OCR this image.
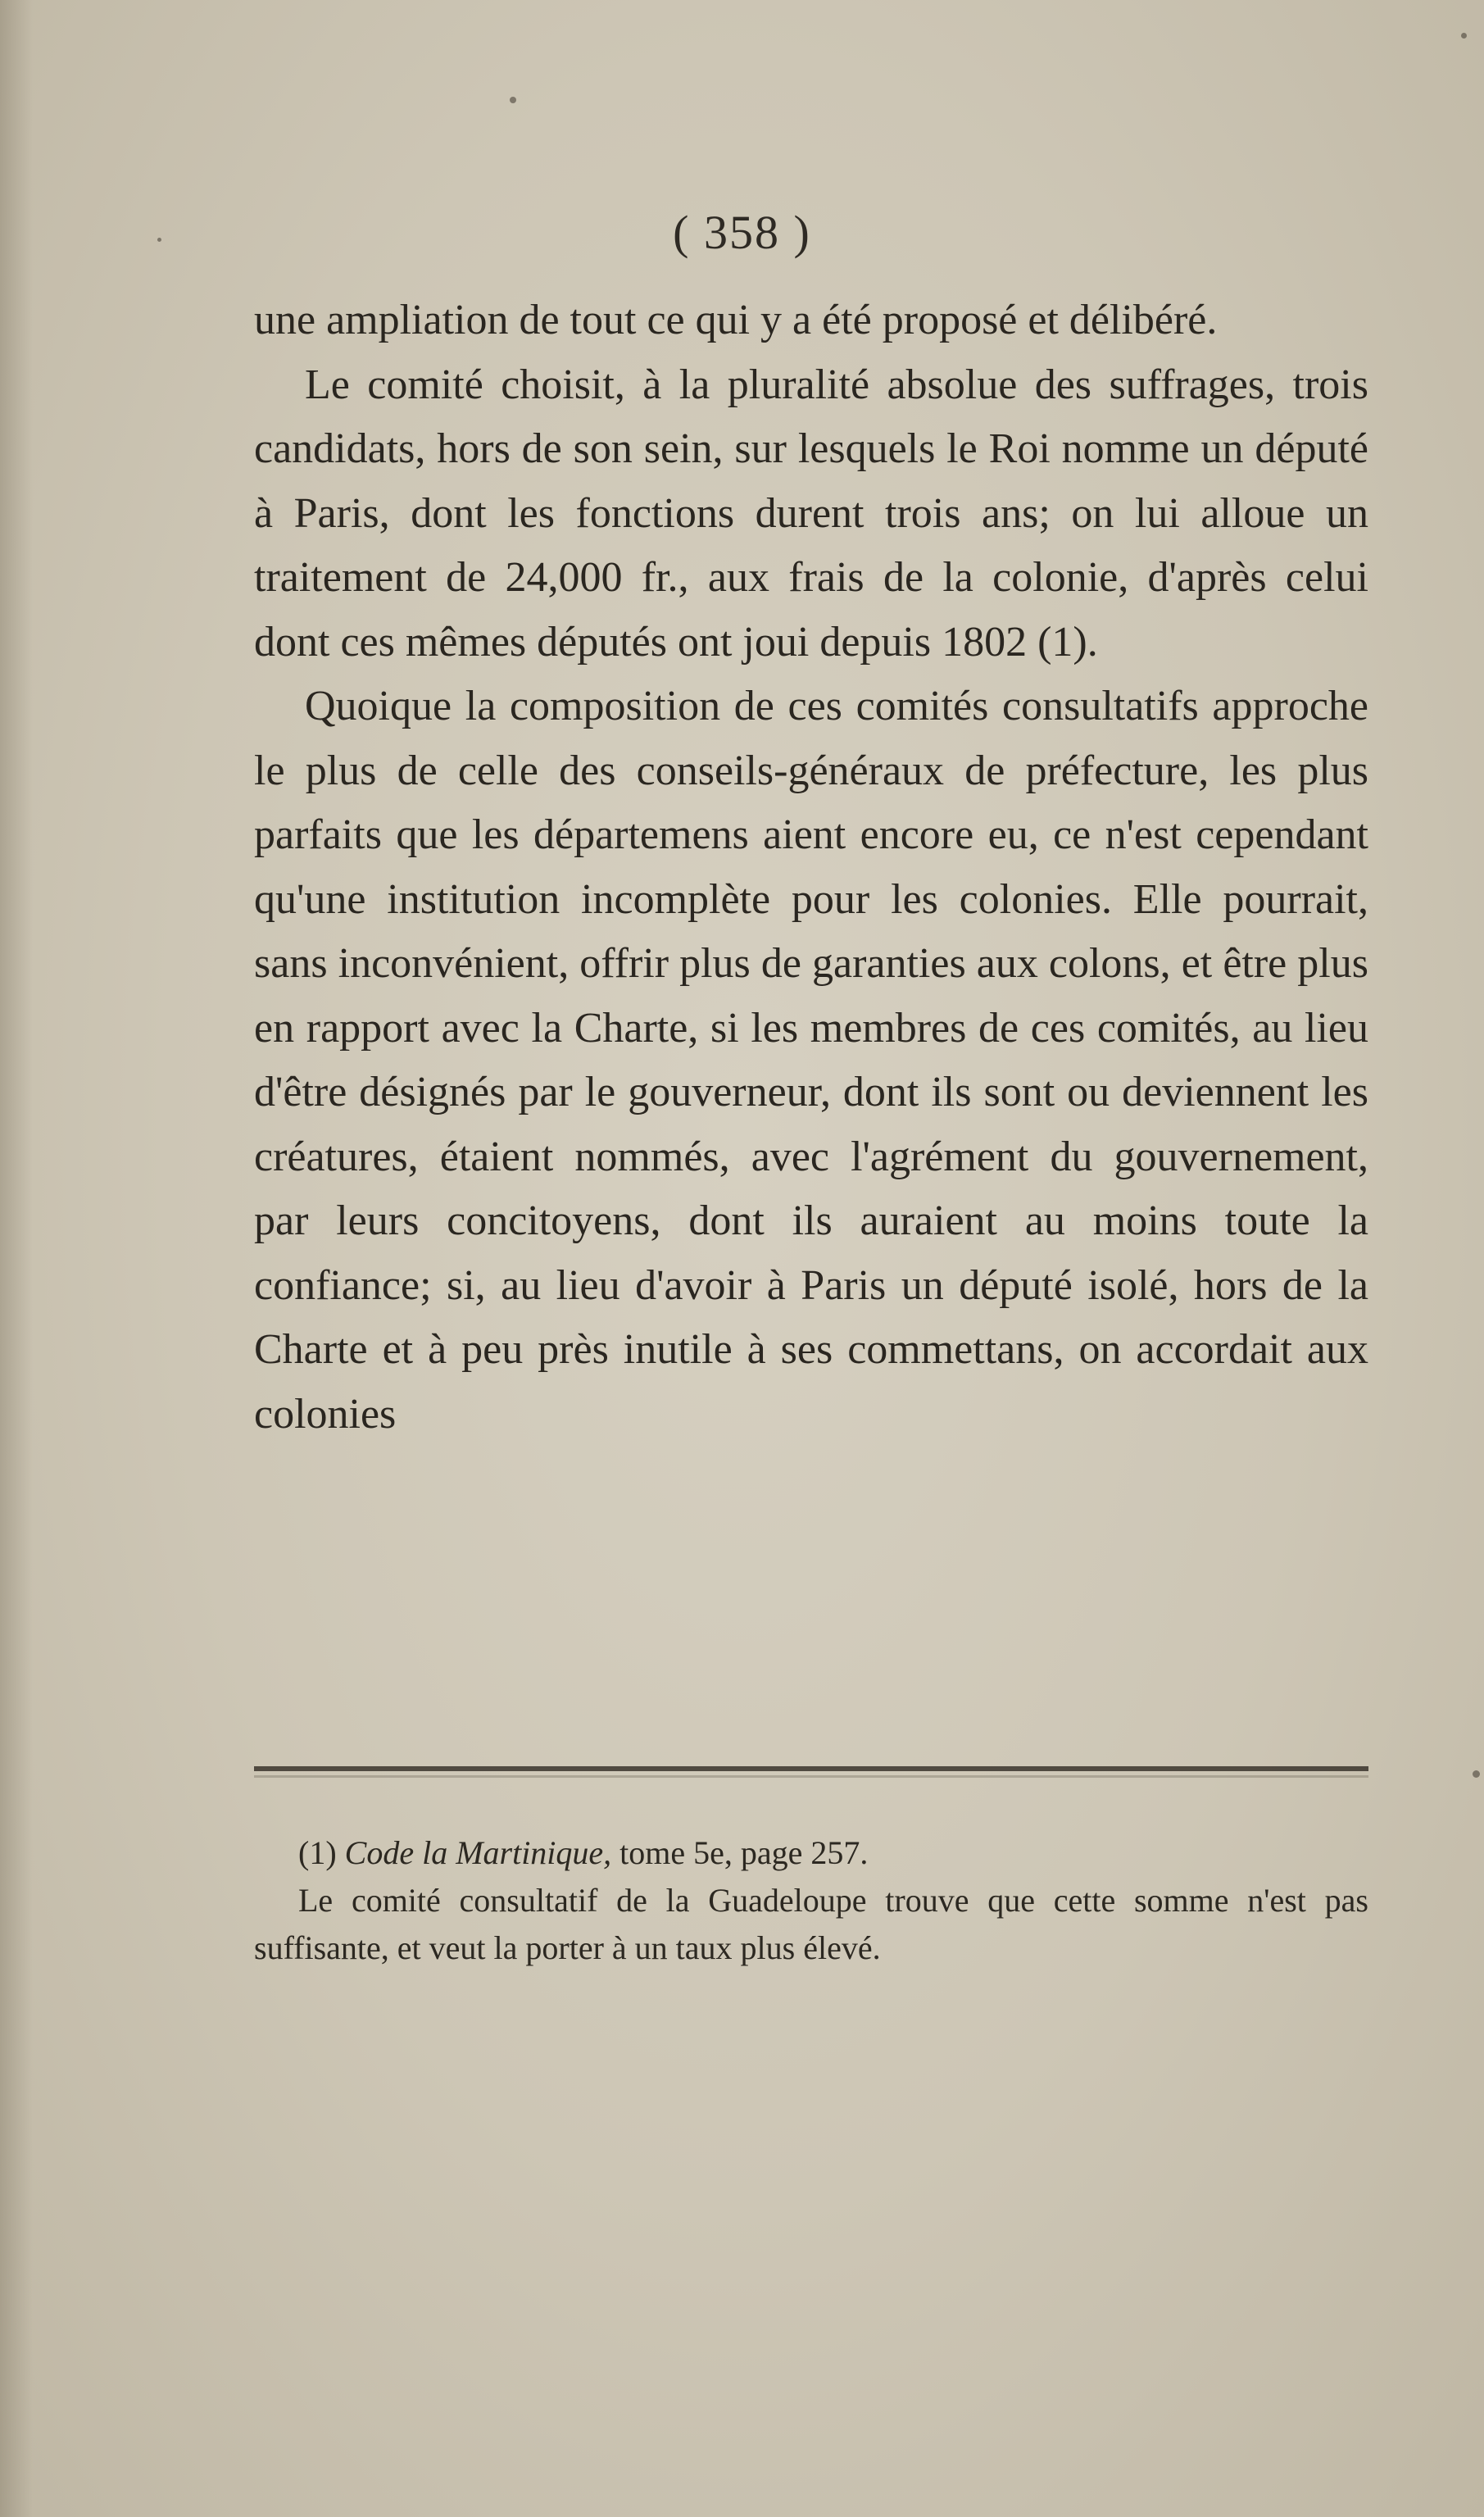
( 358 )

une ampliation de tout ce qui y a été proposé et délibéré.

Le comité choisit, à la pluralité absolue des suffrages, trois candidats, hors de son sein, sur lesquels le Roi nomme un député à Paris, dont les fonctions durent trois ans; on lui alloue un traitement de 24,000 fr., aux frais de la colonie, d'après celui dont ces mêmes députés ont joui depuis 1802 (1).

Quoique la composition de ces comités consultatifs approche le plus de celle des conseils-généraux de préfecture, les plus parfaits que les départemens aient encore eu, ce n'est cependant qu'une institution incomplète pour les colonies. Elle pourrait, sans inconvénient, offrir plus de garanties aux colons, et être plus en rapport avec la Charte, si les membres de ces comités, au lieu d'être désignés par le gouverneur, dont ils sont ou deviennent les créatures, étaient nommés, avec l'agrément du gouvernement, par leurs concitoyens, dont ils auraient au moins toute la confiance; si, au lieu d'avoir à Paris un député isolé, hors de la Charte et à peu près inutile à ses commettans, on accordait aux colonies

(1) Code la Martinique, tome 5e, page 257.

Le comité consultatif de la Guadeloupe trouve que cette somme n'est pas suffisante, et veut la porter à un taux plus élevé.
